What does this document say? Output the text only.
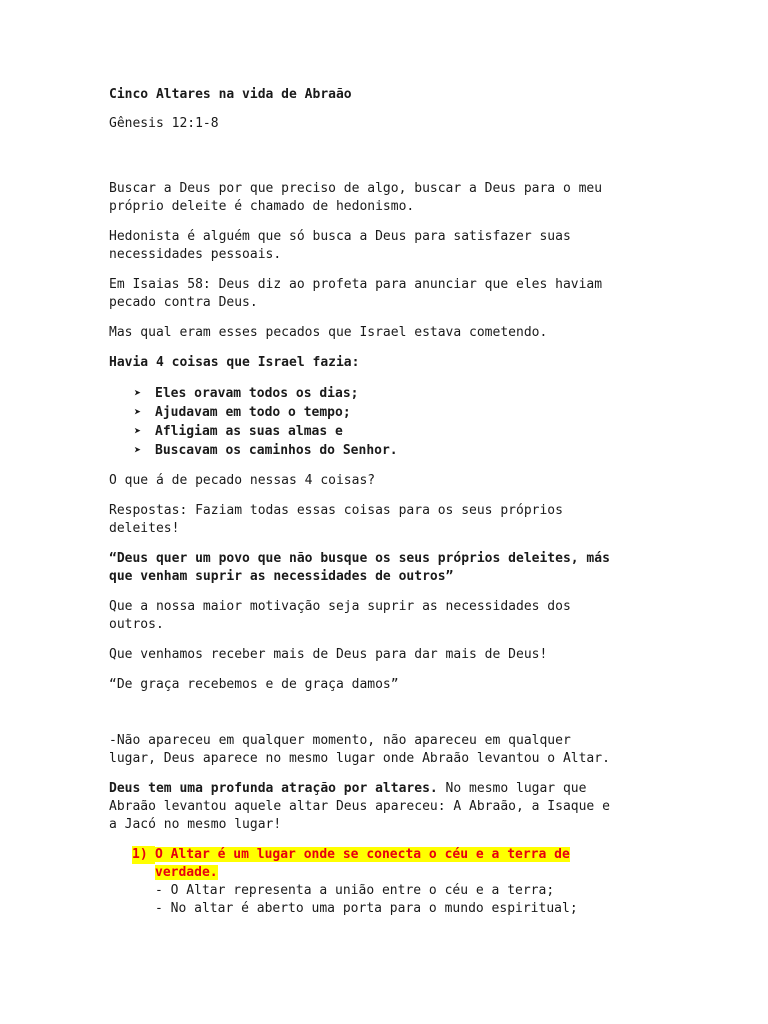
Cinco Altares na vida de Abraão

Gênesis 12:1-8

Buscar a Deus por que preciso de algo, buscar a Deus para o meu

próprio deleite é chamado de hedonismo.

Hedonista é alguém que só busca a Deus para satisfazer suas

necessidades pessoais.

Em Isaias 58: Deus diz ao profeta para anunciar que eles haviam

pecado contra Deus.

Mas qual eram esses pecados que Israel estava cometendo.

Havia 4 coisas que Israel fazia:

➤ Eles oravam todos os dias;
➤ Ajudavam em todo o tempo;
➤ Afligiam as suas almas e
➤ Buscavam os caminhos do Senhor.

O que á de pecado nessas 4 coisas?

Respostas: Faziam todas essas coisas para os seus próprios

deleites!

“Deus quer um povo que não busque os seus próprios deleites, más

que venham suprir as necessidades de outros”

Que a nossa maior motivação seja suprir as necessidades dos

outros.

Que venhamos receber mais de Deus para dar mais de Deus!

“De graça recebemos e de graça damos”

-Não apareceu em qualquer momento, não apareceu em qualquer

lugar, Deus aparece no mesmo lugar onde Abraão levantou o Altar.

Deus tem uma profunda atração por altares. No mesmo lugar que

Abraão levantou aquele altar Deus apareceu: A Abraão, a Isaque e

a Jacó no mesmo lugar!

1) O Altar é um lugar onde se conecta o céu e a terra de
verdade.
- O Altar representa a união entre o céu e a terra;
- No altar é aberto uma porta para o mundo espiritual;
